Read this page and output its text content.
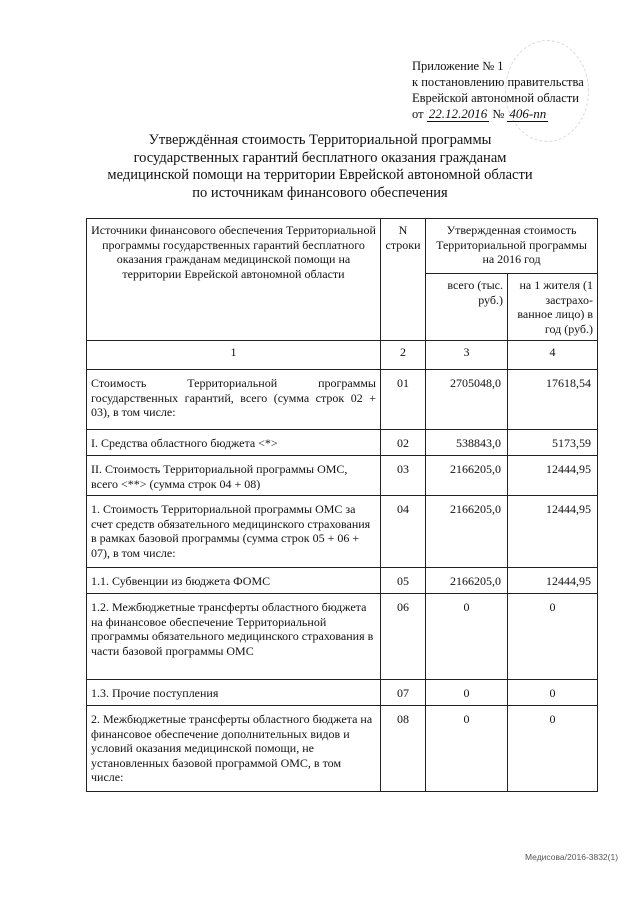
Приложение № 1
к постановлению правительства
Еврейской автономной области
от 22.12.2016 № 406-пп
Утверждённая стоимость Территориальной программы
государственных гарантий бесплатного оказания гражданам
медицинской помощи на территории Еврейской автономной области
по источникам финансового обеспечения
Источники финансового обеспечения Территориальной программы государственных гарантий бесплатного оказания гражданам медицинской помощи на территории Еврейской автономной области	N строки	Утвержденная стоимость Территориальной программы на 2016 год	
		всего (тыс. руб.)	на 1 жителя (1 застрахо-ванное лицо) в год (руб.)
1	2	3	4
Стоимость Территориальной программы государственных гарантий, всего (сумма строк 02 + 03), в том числе:	01	2705048,0	17618,54
I. Средства областного бюджета <*>	02	538843,0	5173,59
II. Стоимость Территориальной программы ОМС, всего <**> (сумма строк 04 + 08)	03	2166205,0	12444,95
1. Стоимость Территориальной программы ОМС за счет средств обязательного медицинского страхования в рамках базовой программы (сумма строк 05 + 06 + 07), в том числе:	04	2166205,0	12444,95
1.1. Субвенции из бюджета ФОМС	05	2166205,0	12444,95
1.2. Межбюджетные трансферты областного бюджета на финансовое обеспечение Территориальной программы обязательного медицинского страхования в части базовой программы ОМС	06	0	0
1.3. Прочие поступления	07	0	0
2. Межбюджетные трансферты областного бюджета на финансовое обеспечение дополнительных видов и условий оказания медицинской помощи, не установленных базовой программой ОМС, в том числе:	08	0	0
Медисова/2016-3832(1)
